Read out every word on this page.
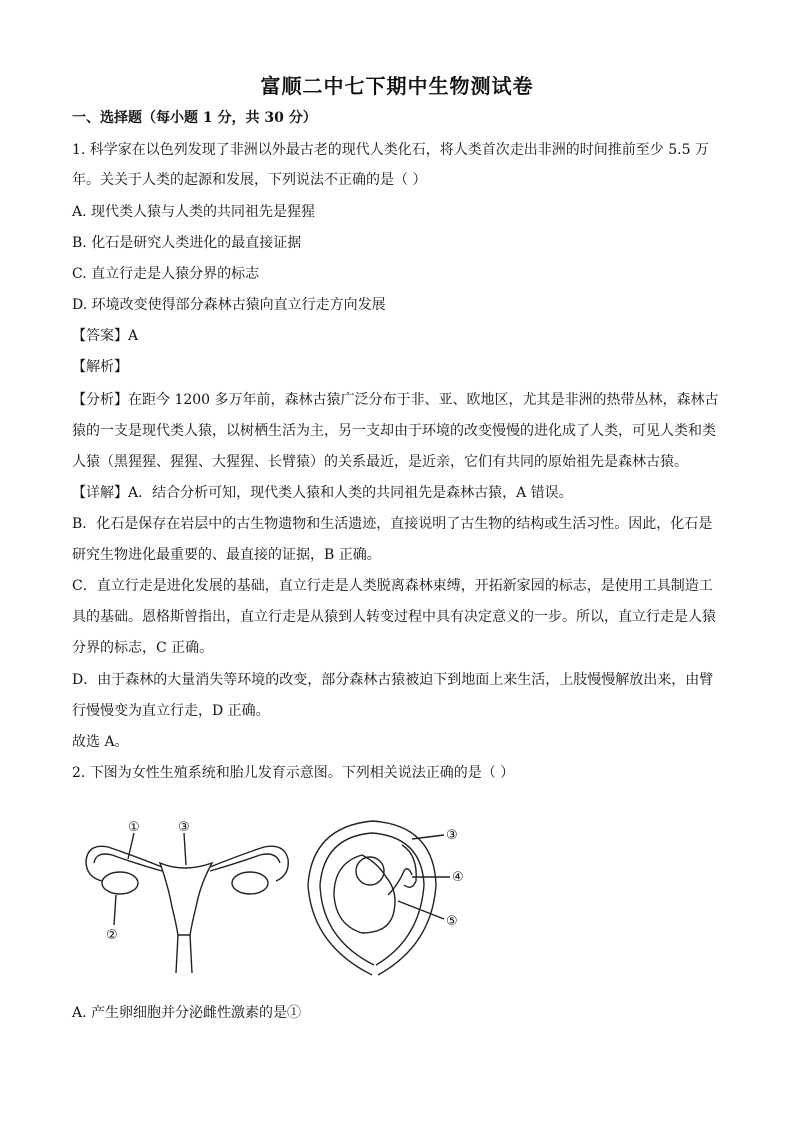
富顺二中七下期中生物测试卷
一、选择题（每小题 1 分，共 30 分）
1. 科学家在以色列发现了非洲以外最古老的现代人类化石，将人类首次走出非洲的时间推前至少 5.5 万
年。关关于人类的起源和发展，下列说法不正确的是（ ）
A. 现代类人猿与人类的共同祖先是猩猩
B. 化石是研究人类进化的最直接证据
C. 直立行走是人猿分界的标志
D. 环境改变使得部分森林古猿向直立行走方向发展
【答案】A
【解析】
【分析】在距今 1200 多万年前，森林古猿广泛分布于非、亚、欧地区，尤其是非洲的热带丛林，森林古
猿的一支是现代类人猿，以树栖生活为主，另一支却由于环境的改变慢慢的进化成了人类，可见人类和类
人猿（黑猩猩、猩猩、大猩猩、长臂猿）的关系最近，是近亲，它们有共同的原始祖先是森林古猿。
【详解】A．结合分析可知，现代类人猿和人类的共同祖先是森林古猿，A 错误。
B．化石是保存在岩层中的古生物遗物和生活遗迹，直接说明了古生物的结构或生活习性。因此，化石是
研究生物进化最重要的、最直接的证据，B 正确。
C．直立行走是进化发展的基础，直立行走是人类脱离森林束缚，开拓新家园的标志，是使用工具制造工
具的基础。恩格斯曾指出，直立行走是从猿到人转变过程中具有决定意义的一步。所以，直立行走是人猿
分界的标志，C 正确。
D．由于森林的大量消失等环境的改变，部分森林古猿被迫下到地面上来生活，上肢慢慢解放出来，由臂
行慢慢变为直立行走，D 正确。
故选 A。
2. 下图为女性生殖系统和胎儿发育示意图。下列相关说法正确的是（ ）
①	③
②
③
④
⑤
A. 产生卵细胞并分泌雌性激素的是①
